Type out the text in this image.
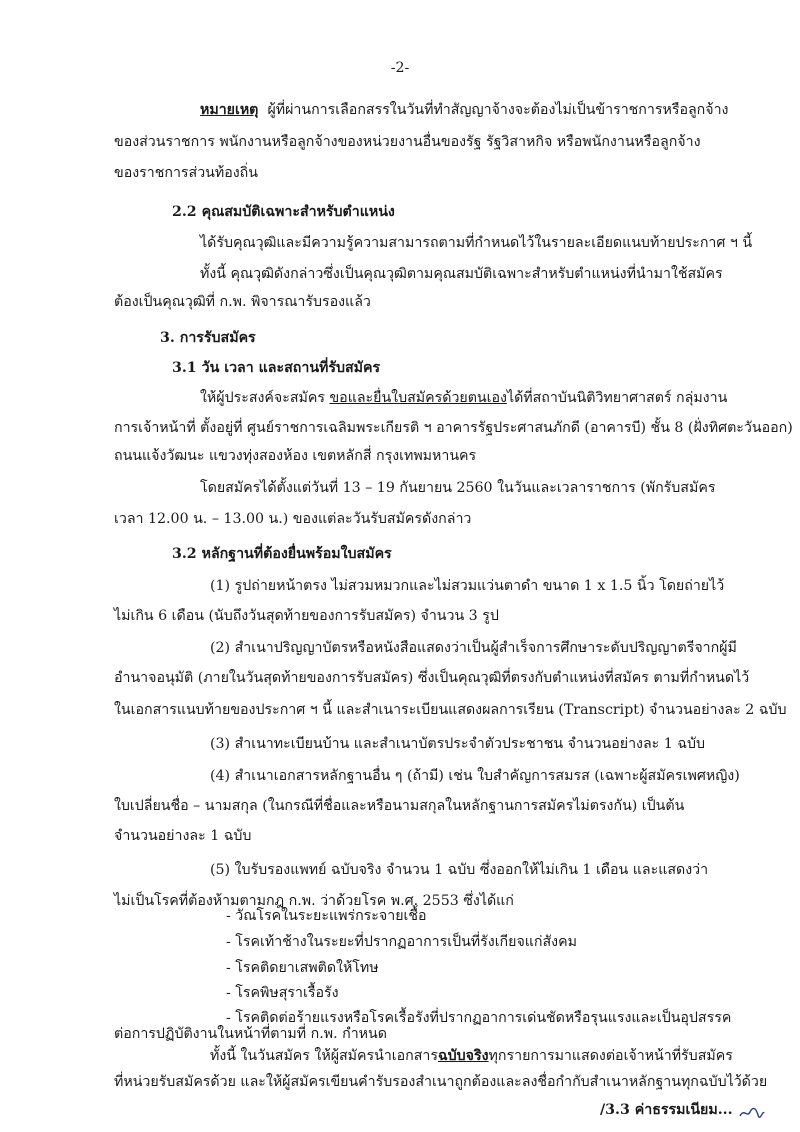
-2-
หมายเหตุ ผู้ที่ผ่านการเลือกสรรในวันที่ทำสัญญาจ้างจะต้องไม่เป็นข้าราชการหรือลูกจ้าง
ของส่วนราชการ พนักงานหรือลูกจ้างของหน่วยงานอื่นของรัฐ รัฐวิสาหกิจ หรือพนักงานหรือลูกจ้าง
ของราชการส่วนท้องถิ่น
2.2 คุณสมบัติเฉพาะสำหรับตำแหน่ง
ได้รับคุณวุฒิและมีความรู้ความสามารถตามที่กำหนดไว้ในรายละเอียดแนบท้ายประกาศ ฯ นี้
ทั้งนี้ คุณวุฒิดังกล่าวซึ่งเป็นคุณวุฒิตามคุณสมบัติเฉพาะสำหรับตำแหน่งที่นำมาใช้สมัคร
ต้องเป็นคุณวุฒิที่ ก.พ. พิจารณารับรองแล้ว
3. การรับสมัคร
3.1 วัน เวลา และสถานที่รับสมัคร
ให้ผู้ประสงค์จะสมัคร ขอและยื่นใบสมัครด้วยตนเองได้ที่สถาบันนิติวิทยาศาสตร์ กลุ่มงาน
การเจ้าหน้าที่ ตั้งอยู่ที่ ศูนย์ราชการเฉลิมพระเกียรติ ฯ อาคารรัฐประศาสนภักดี (อาคารบี) ชั้น 8 (ฝั่งทิศตะวันออก)
ถนนแจ้งวัฒนะ แขวงทุ่งสองห้อง เขตหลักสี่ กรุงเทพมหานคร
โดยสมัครได้ตั้งแต่วันที่ 13 – 19 กันยายน 2560 ในวันและเวลาราชการ (พักรับสมัคร
เวลา 12.00 น. – 13.00 น.) ของแต่ละวันรับสมัครดังกล่าว
3.2 หลักฐานที่ต้องยื่นพร้อมใบสมัคร
(1) รูปถ่ายหน้าตรง ไม่สวมหมวกและไม่สวมแว่นตาดำ ขนาด 1 x 1.5 นิ้ว โดยถ่ายไว้
ไม่เกิน 6 เดือน (นับถึงวันสุดท้ายของการรับสมัคร) จำนวน 3 รูป
(2) สำเนาปริญญาบัตรหรือหนังสือแสดงว่าเป็นผู้สำเร็จการศึกษาระดับปริญญาตรีจากผู้มี
อำนาจอนุมัติ (ภายในวันสุดท้ายของการรับสมัคร) ซึ่งเป็นคุณวุฒิที่ตรงกับตำแหน่งที่สมัคร ตามที่กำหนดไว้
ในเอกสารแนบท้ายของประกาศ ฯ นี้ และสำเนาระเบียนแสดงผลการเรียน (Transcript) จำนวนอย่างละ 2 ฉบับ
(3) สำเนาทะเบียนบ้าน และสำเนาบัตรประจำตัวประชาชน จำนวนอย่างละ 1 ฉบับ
(4) สำเนาเอกสารหลักฐานอื่น ๆ (ถ้ามี) เช่น ใบสำคัญการสมรส (เฉพาะผู้สมัครเพศหญิง)
ใบเปลี่ยนชื่อ – นามสกุล (ในกรณีที่ชื่อและหรือนามสกุลในหลักฐานการสมัครไม่ตรงกัน) เป็นต้น
จำนวนอย่างละ 1 ฉบับ
(5) ใบรับรองแพทย์ ฉบับจริง จำนวน 1 ฉบับ ซึ่งออกให้ไม่เกิน 1 เดือน และแสดงว่า
ไม่เป็นโรคที่ต้องห้ามตามกฎ ก.พ. ว่าด้วยโรค พ.ศ. 2553 ซึ่งได้แก่
- วัณโรคในระยะแพร่กระจายเชื้อ
- โรคเท้าช้างในระยะที่ปรากฏอาการเป็นที่รังเกียจแก่สังคม
- โรคติดยาเสพติดให้โทษ
- โรคพิษสุราเรื้อรัง
- โรคติดต่อร้ายแรงหรือโรคเรื้อรังที่ปรากฏอาการเด่นชัดหรือรุนแรงและเป็นอุปสรรค
ต่อการปฏิบัติงานในหน้าที่ตามที่ ก.พ. กำหนด
ทั้งนี้ ในวันสมัคร ให้ผู้สมัครนำเอกสารฉบับจริงทุกรายการมาแสดงต่อเจ้าหน้าที่รับสมัคร
ที่หน่วยรับสมัครด้วย และให้ผู้สมัครเขียนคำรับรองสำเนาถูกต้องและลงชื่อกำกับสำเนาหลักฐานทุกฉบับไว้ด้วย
/3.3 ค่าธรรมเนียม...
